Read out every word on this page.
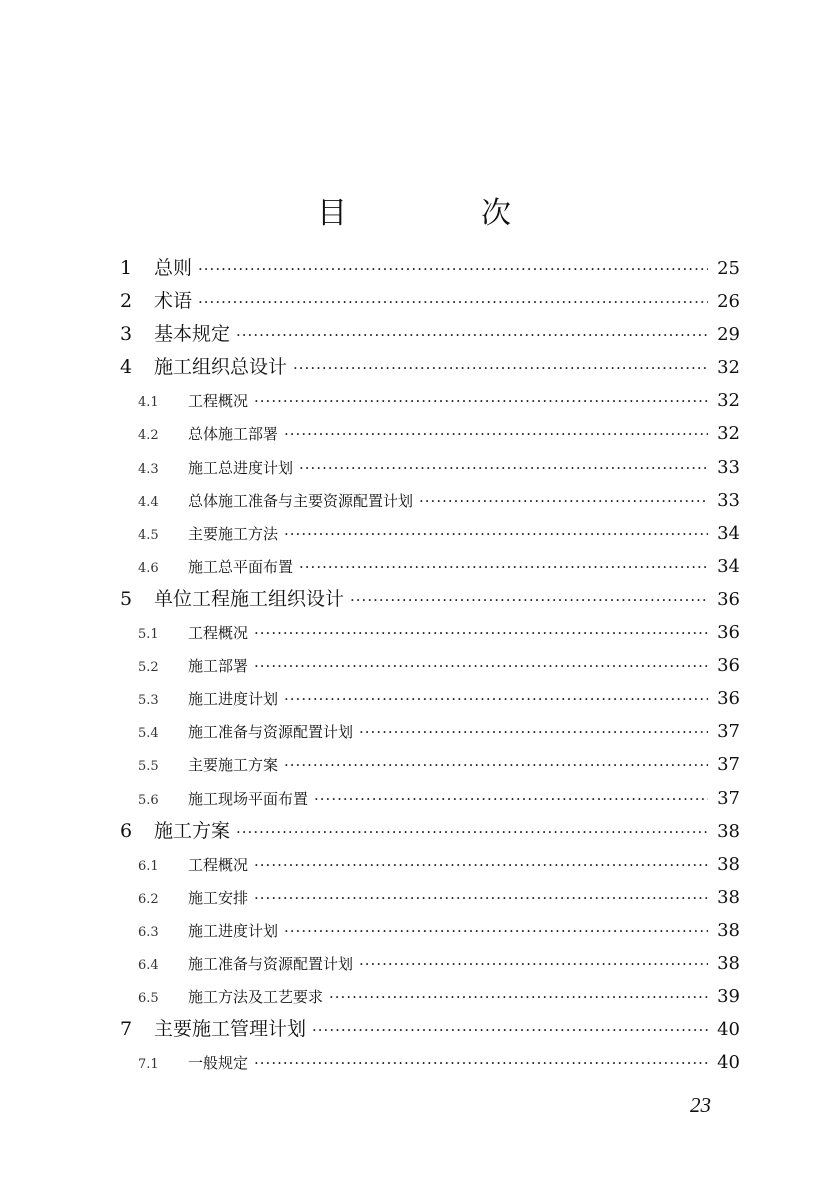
目　次
1	总则 ·····	25
2	术语 ·····	26
3	基本规定 ·····	29
4	施工组织总设计 ·····	32
4.1	工程概况 ·····	32
4.2	总体施工部署 ·····	32
4.3	施工总进度计划 ·····	33
4.4	总体施工准备与主要资源配置计划 ·····	33
4.5	主要施工方法 ·····	34
4.6	施工总平面布置 ·····	34
5	单位工程施工组织设计 ·····	36
5.1	工程概况 ·····	36
5.2	施工部署 ·····	36
5.3	施工进度计划 ·····	36
5.4	施工准备与资源配置计划 ·····	37
5.5	主要施工方案 ·····	37
5.6	施工现场平面布置 ·····	37
6	施工方案 ·····	38
6.1	工程概况 ·····	38
6.2	施工安排 ·····	38
6.3	施工进度计划 ·····	38
6.4	施工准备与资源配置计划 ·····	38
6.5	施工方法及工艺要求 ·····	39
7	主要施工管理计划 ·····	40
7.1	一般规定 ·····	40
23
